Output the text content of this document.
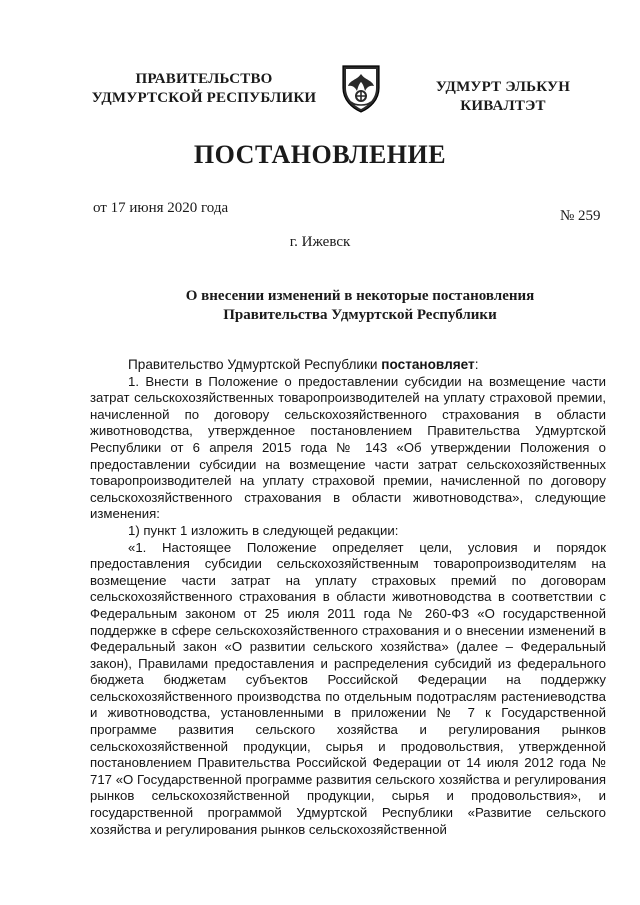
ПРАВИТЕЛЬСТВО
УДМУРТСКОЙ РЕСПУБЛИКИ
УДМУРТ ЭЛЬКУН
КИВАЛТЭТ
ПОСТАНОВЛЕНИЕ
от 17 июня 2020 года	№ 259
г. Ижевск
О внесении изменений в некоторые постановления
Правительства Удмуртской Республики

Правительство Удмуртской Республики постановляет:

1. Внести в Положение о предоставлении субсидии на возмещение части затрат сельскохозяйственных товаропроизводителей на уплату страховой премии, начисленной по договору сельскохозяйственного страхования в области животноводства, утвержденное постановлением Правительства Удмуртской Республики от 6 апреля 2015 года № 143 «Об утверждении Положения о предоставлении субсидии на возмещение части затрат сельскохозяйственных товаропроизводителей на уплату страховой премии, начисленной по договору сельскохозяйственного страхования в области животноводства», следующие изменения:

1) пункт 1 изложить в следующей редакции:

«1. Настоящее Положение определяет цели, условия и порядок предоставления субсидии сельскохозяйственным товаропроизводителям на возмещение части затрат на уплату страховых премий по договорам сельскохозяйственного страхования в области животноводства в соответствии с Федеральным законом от 25 июля 2011 года № 260-ФЗ «О государственной поддержке в сфере сельскохозяйственного страхования и о внесении изменений в Федеральный закон «О развитии сельского хозяйства» (далее – Федеральный закон), Правилами предоставления и распределения субсидий из федерального бюджета бюджетам субъектов Российской Федерации на поддержку сельскохозяйственного производства по отдельным подотраслям растениеводства и животноводства, установленными в приложении № 7 к Государственной программе развития сельского хозяйства и регулирования рынков сельскохозяйственной продукции, сырья и продовольствия, утвержденной постановлением Правительства Российской Федерации от 14 июля 2012 года № 717 «О Государственной программе развития сельского хозяйства и регулирования рынков сельскохозяйственной продукции, сырья и продовольствия», и государственной программой Удмуртской Республики «Развитие сельского хозяйства и регулирования рынков сельскохозяйственной
